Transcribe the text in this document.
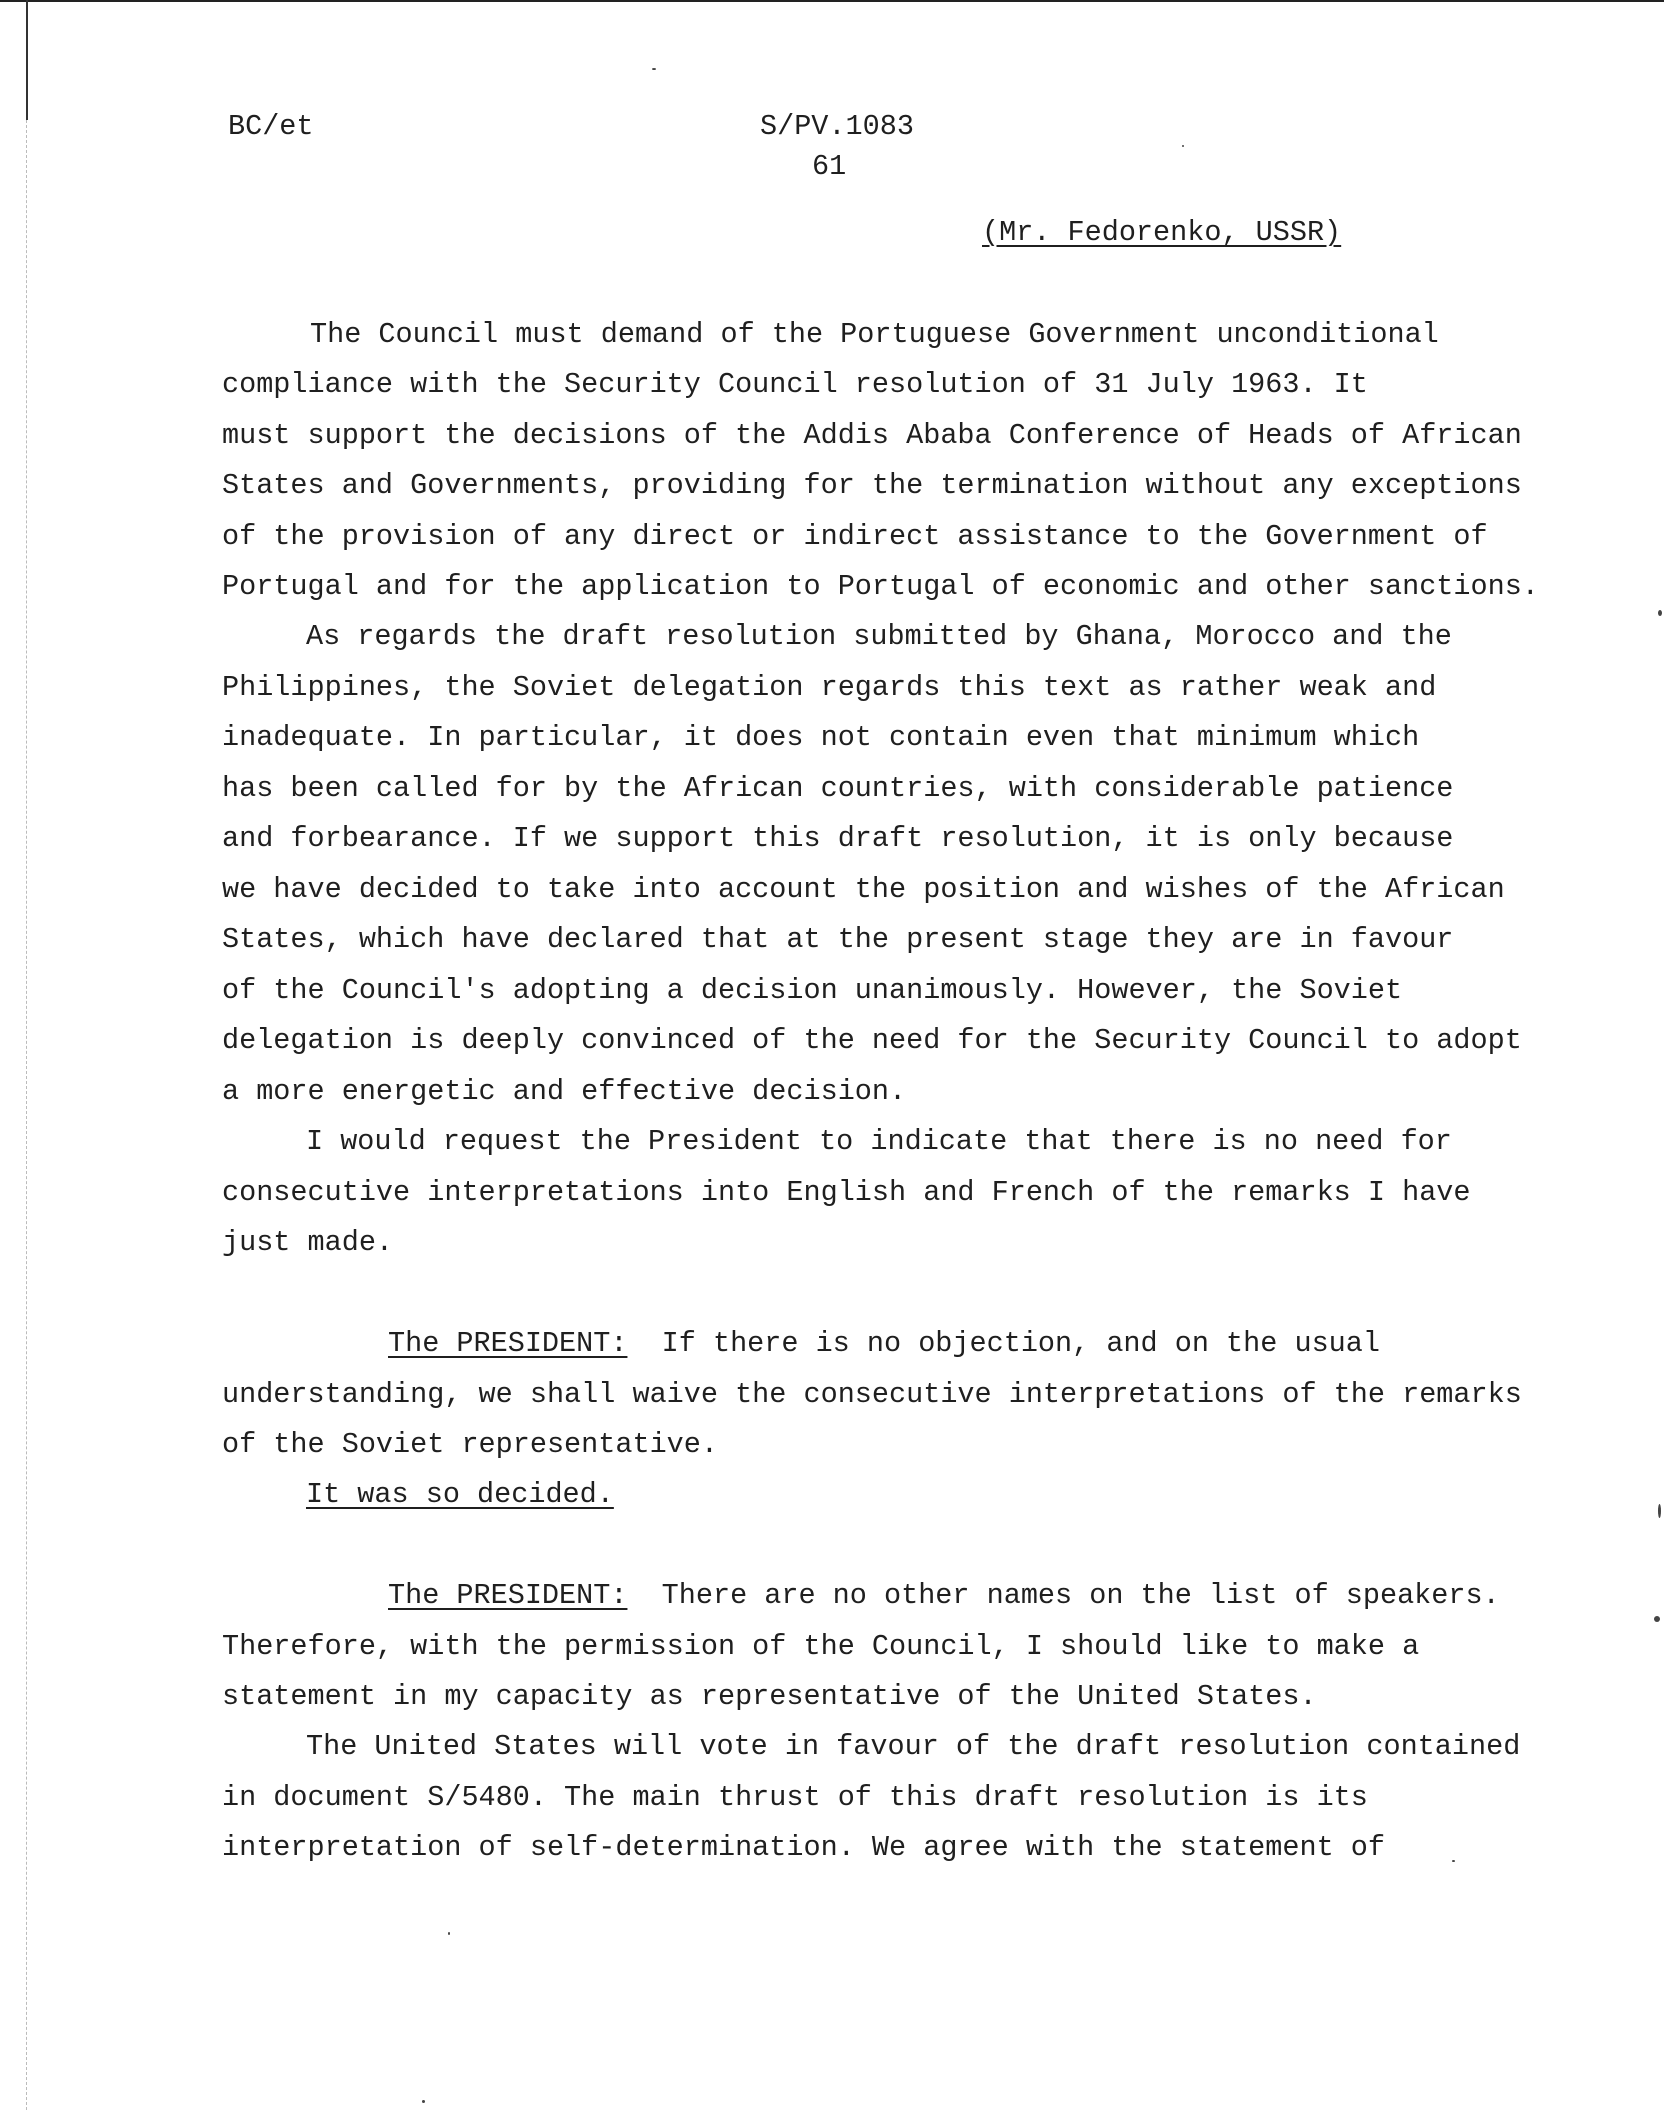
BC/et	S/PV.1083
61
(Mr. Fedorenko, USSR)
The Council must demand of the Portuguese Government unconditional
compliance with the Security Council resolution of 31 July 1963. It
must support the decisions of the Addis Ababa Conference of Heads of African
States and Governments, providing for the termination without any exceptions
of the provision of any direct or indirect assistance to the Government of
Portugal and for the application to Portugal of economic and other sanctions.
As regards the draft resolution submitted by Ghana, Morocco and the
Philippines, the Soviet delegation regards this text as rather weak and
inadequate. In particular, it does not contain even that minimum which
has been called for by the African countries, with considerable patience
and forbearance. If we support this draft resolution, it is only because
we have decided to take into account the position and wishes of the African
States, which have declared that at the present stage they are in favour
of the Council's adopting a decision unanimously. However, the Soviet
delegation is deeply convinced of the need for the Security Council to adopt
a more energetic and effective decision.
I would request the President to indicate that there is no need for
consecutive interpretations into English and French of the remarks I have
just made.
The PRESIDENT:  If there is no objection, and on the usual
understanding, we shall waive the consecutive interpretations of the remarks
of the Soviet representative.
It was so decided.
The PRESIDENT:  There are no other names on the list of speakers.
Therefore, with the permission of the Council, I should like to make a
statement in my capacity as representative of the United States.
The United States will vote in favour of the draft resolution contained
in document S/5480. The main thrust of this draft resolution is its
interpretation of self-determination. We agree with the statement of
